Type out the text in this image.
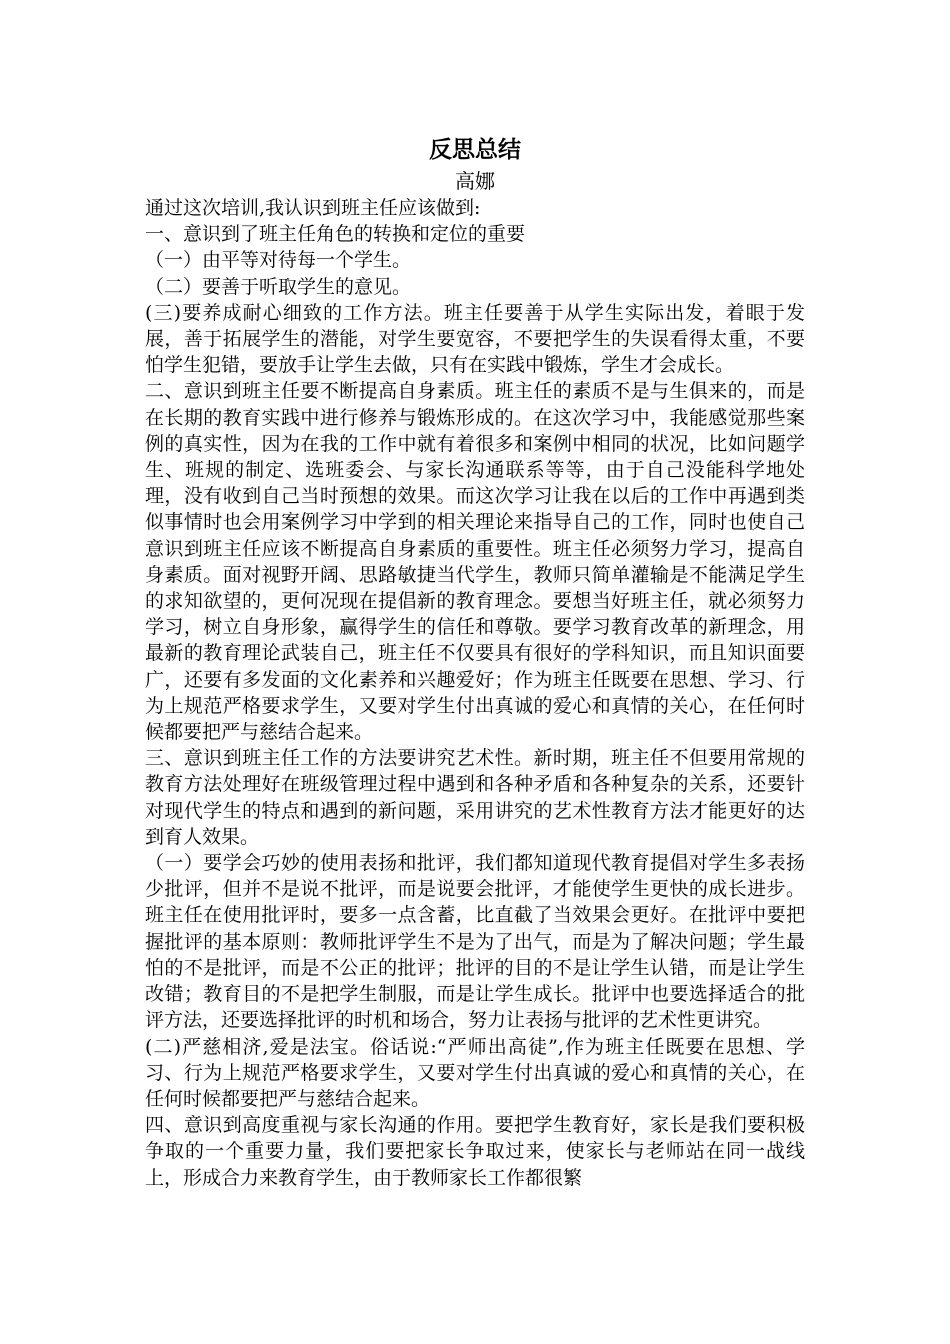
反思总结

高娜

通过这次培训,我认识到班主任应该做到:

一、意识到了班主任角色的转换和定位的重要

（一）由平等对待每一个学生。

（二）要善于听取学生的意见。

(三)要养成耐心细致的工作方法。班主任要善于从学生实际出发，着眼于发展，善于拓展学生的潜能，对学生要宽容，不要把学生的失误看得太重，不要怕学生犯错，要放手让学生去做，只有在实践中锻炼，学生才会成长。

二、意识到班主任要不断提高自身素质。班主任的素质不是与生俱来的，而是在长期的教育实践中进行修养与锻炼形成的。在这次学习中，我能感觉那些案例的真实性，因为在我的工作中就有着很多和案例中相同的状况，比如问题学生、班规的制定、选班委会、与家长沟通联系等等，由于自己没能科学地处理，没有收到自己当时预想的效果。而这次学习让我在以后的工作中再遇到类似事情时也会用案例学习中学到的相关理论来指导自己的工作，同时也使自己意识到班主任应该不断提高自身素质的重要性。班主任必须努力学习，提高自身素质。面对视野开阔、思路敏捷当代学生，教师只简单灌输是不能满足学生的求知欲望的，更何况现在提倡新的教育理念。要想当好班主任，就必须努力学习，树立自身形象，赢得学生的信任和尊敬。要学习教育改革的新理念，用最新的教育理论武装自己，班主任不仅要具有很好的学科知识，而且知识面要广，还要有多发面的文化素养和兴趣爱好；作为班主任既要在思想、学习、行为上规范严格要求学生，又要对学生付出真诚的爱心和真情的关心，在任何时候都要把严与慈结合起来。

三、意识到班主任工作的方法要讲究艺术性。新时期，班主任不但要用常规的教育方法处理好在班级管理过程中遇到和各种矛盾和各种复杂的关系，还要针对现代学生的特点和遇到的新问题，采用讲究的艺术性教育方法才能更好的达到育人效果。

（一）要学会巧妙的使用表扬和批评，我们都知道现代教育提倡对学生多表扬少批评，但并不是说不批评，而是说要会批评，才能使学生更快的成长进步。班主任在使用批评时，要多一点含蓄，比直截了当效果会更好。在批评中要把握批评的基本原则：教师批评学生不是为了出气，而是为了解决问题；学生最怕的不是批评，而是不公正的批评；批评的目的不是让学生认错，而是让学生改错；教育目的不是把学生制服，而是让学生成长。批评中也要选择适合的批评方法，还要选择批评的时机和场合，努力让表扬与批评的艺术性更讲究。

(二)严慈相济,爱是法宝。俗话说:“严师出高徒”,作为班主任既要在思想、学习、行为上规范严格要求学生，又要对学生付出真诚的爱心和真情的关心，在任何时候都要把严与慈结合起来。

四、意识到高度重视与家长沟通的作用。要把学生教育好，家长是我们要积极争取的一个重要力量，我们要把家长争取过来，使家长与老师站在同一战线上，形成合力来教育学生，由于教师家长工作都很繁
